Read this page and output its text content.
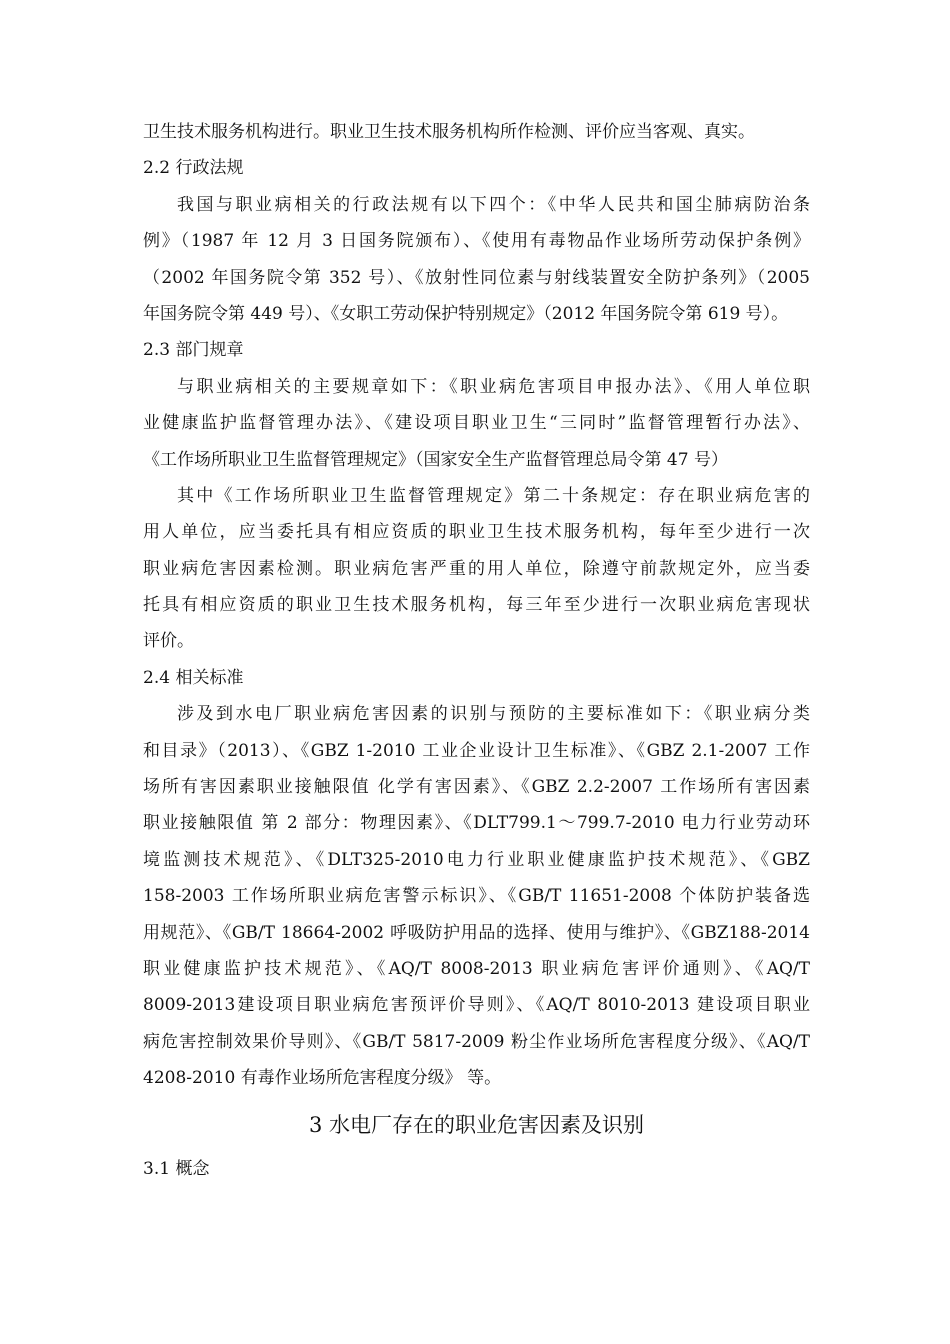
卫生技术服务机构进行。职业卫生技术服务机构所作检测、评价应当客观、真实。
2.2 行政法规
我国与职业病相关的行政法规有以下四个：《中华人民共和国尘肺病防治条
例》（1987 年 12 月 3 日国务院颁布）、《使用有毒物品作业场所劳动保护条例》
（2002 年国务院令第 352 号）、《放射性同位素与射线装置安全防护条列》（2005
年国务院令第 449 号）、《女职工劳动保护特别规定》（2012 年国务院令第 619 号）。
2.3 部门规章
与职业病相关的主要规章如下：《职业病危害项目申报办法》、《用人单位职
业健康监护监督管理办法》、《建设项目职业卫生“三同时”监督管理暂行办法》、
《工作场所职业卫生监督管理规定》（国家安全生产监督管理总局令第 47 号）
其中《工作场所职业卫生监督管理规定》第二十条规定：存在职业病危害的
用人单位，应当委托具有相应资质的职业卫生技术服务机构，每年至少进行一次
职业病危害因素检测。职业病危害严重的用人单位，除遵守前款规定外，应当委
托具有相应资质的职业卫生技术服务机构，每三年至少进行一次职业病危害现状
评价。
2.4 相关标准
涉及到水电厂职业病危害因素的识别与预防的主要标准如下：《职业病分类
和目录》（2013）、《GBZ 1-2010 工业企业设计卫生标准》、《GBZ 2.1-2007 工作
场所有害因素职业接触限值 化学有害因素》、《GBZ 2.2-2007 工作场所有害因素
职业接触限值 第 2 部分：物理因素》、《DLT799.1～799.7-2010 电力行业劳动环
境监测技术规范》、《DLT325-2010电力行业职业健康监护技术规范》、《GBZ
158-2003 工作场所职业病危害警示标识》、《GB/T 11651-2008 个体防护装备选
用规范》、《GB/T 18664-2002 呼吸防护用品的选择、使用与维护》、《GBZ188-2014
职业健康监护技术规范》、《AQ/T 8008-2013 职业病危害评价通则》、《AQ/T
8009-2013建设项目职业病危害预评价导则》、《AQ/T 8010-2013 建设项目职业
病危害控制效果价导则》、《GB/T 5817-2009 粉尘作业场所危害程度分级》、《AQ/T
4208-2010 有毒作业场所危害程度分级》 等。
3 水电厂存在的职业危害因素及识别
3.1 概念
